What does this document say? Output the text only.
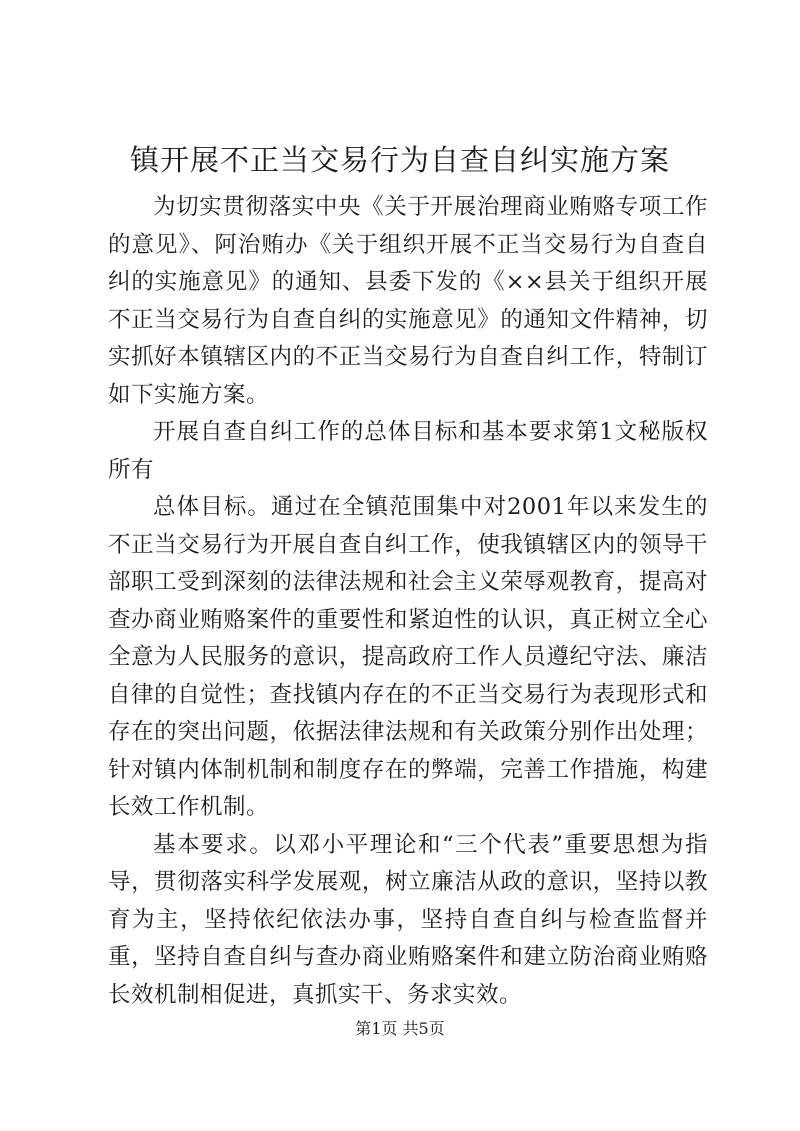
镇开展不正当交易行为自查自纠实施方案

为切实贯彻落实中央《关于开展治理商业贿赂专项工作的意见》、阿治贿办《关于组织开展不正当交易行为自查自纠的实施意见》的通知、县委下发的《××县关于组织开展不正当交易行为自查自纠的实施意见》的通知文件精神，切实抓好本镇辖区内的不正当交易行为自查自纠工作，特制订如下实施方案。

开展自查自纠工作的总体目标和基本要求第1文秘版权所有

总体目标。通过在全镇范围集中对2001年以来发生的不正当交易行为开展自查自纠工作，使我镇辖区内的领导干部职工受到深刻的法律法规和社会主义荣辱观教育，提高对查办商业贿赂案件的重要性和紧迫性的认识，真正树立全心全意为人民服务的意识，提高政府工作人员遵纪守法、廉洁自律的自觉性；查找镇内存在的不正当交易行为表现形式和存在的突出问题，依据法律法规和有关政策分别作出处理；针对镇内体制机制和制度存在的弊端，完善工作措施，构建长效工作机制。

基本要求。以邓小平理论和“三个代表”重要思想为指导，贯彻落实科学发展观，树立廉洁从政的意识，坚持以教育为主，坚持依纪依法办事，坚持自查自纠与检查监督并重，坚持自查自纠与查办商业贿赂案件和建立防治商业贿赂长效机制相促进，真抓实干、务求实效。

第1页 共5页
